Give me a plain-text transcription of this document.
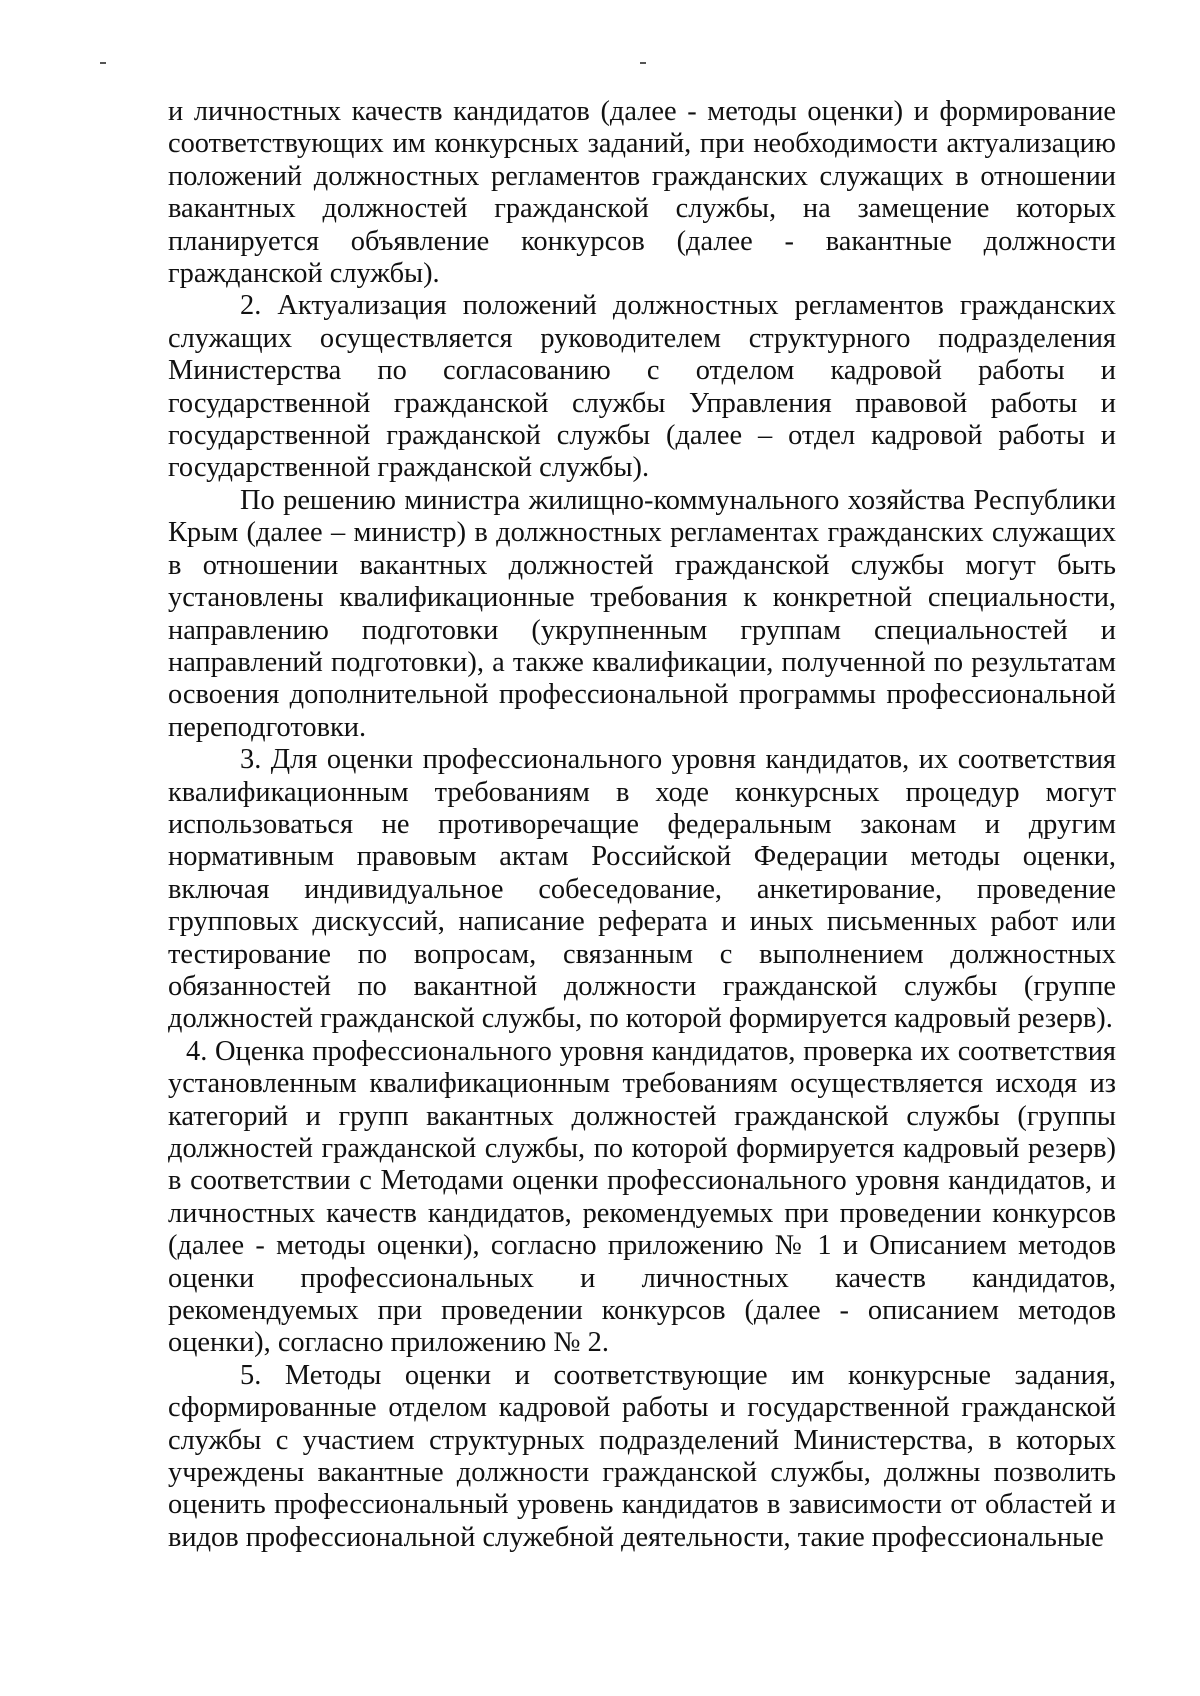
и личностных качеств кандидатов (далее - методы оценки) и формирование соответствующих им конкурсных заданий, при необходимости актуализацию положений должностных регламентов гражданских служащих в отношении вакантных должностей гражданской службы, на замещение которых планируется объявление конкурсов (далее - вакантные должности гражданской службы).

2. Актуализация положений должностных регламентов гражданских служащих осуществляется руководителем структурного подразделения Министерства по согласованию с отделом кадровой работы и государственной гражданской службы Управления правовой работы и государственной гражданской службы (далее – отдел кадровой работы и государственной гражданской службы).

По решению министра жилищно-коммунального хозяйства Республики Крым (далее – министр) в должностных регламентах гражданских служащих в отношении вакантных должностей гражданской службы могут быть установлены квалификационные требования к конкретной специальности, направлению подготовки (укрупненным группам специальностей и направлений подготовки), а также квалификации, полученной по результатам освоения дополнительной профессиональной программы профессиональной переподготовки.

3. Для оценки профессионального уровня кандидатов, их соответствия квалификационным требованиям в ходе конкурсных процедур могут использоваться не противоречащие федеральным законам и другим нормативным правовым актам Российской Федерации методы оценки, включая индивидуальное собеседование, анкетирование, проведение групповых дискуссий, написание реферата и иных письменных работ или тестирование по вопросам, связанным с выполнением должностных обязанностей по вакантной должности гражданской службы (группе должностей гражданской службы, по которой формируется кадровый резерв).

4. Оценка профессионального уровня кандидатов, проверка их соответствия установленным квалификационным требованиям осуществляется исходя из категорий и групп вакантных должностей гражданской службы (группы должностей гражданской службы, по которой формируется кадровый резерв) в соответствии с Методами оценки профессионального уровня кандидатов, и личностных качеств кандидатов, рекомендуемых при проведении конкурсов (далее - методы оценки), согласно приложению № 1 и Описанием методов оценки профессиональных и личностных качеств кандидатов, рекомендуемых при проведении конкурсов (далее - описанием методов оценки), согласно приложению № 2.

5. Методы оценки и соответствующие им конкурсные задания, сформированные отделом кадровой работы и государственной гражданской службы с участием структурных подразделений Министерства, в которых учреждены вакантные должности гражданской службы, должны позволить оценить профессиональный уровень кандидатов в зависимости от областей и видов профессиональной служебной деятельности, такие профессиональные
